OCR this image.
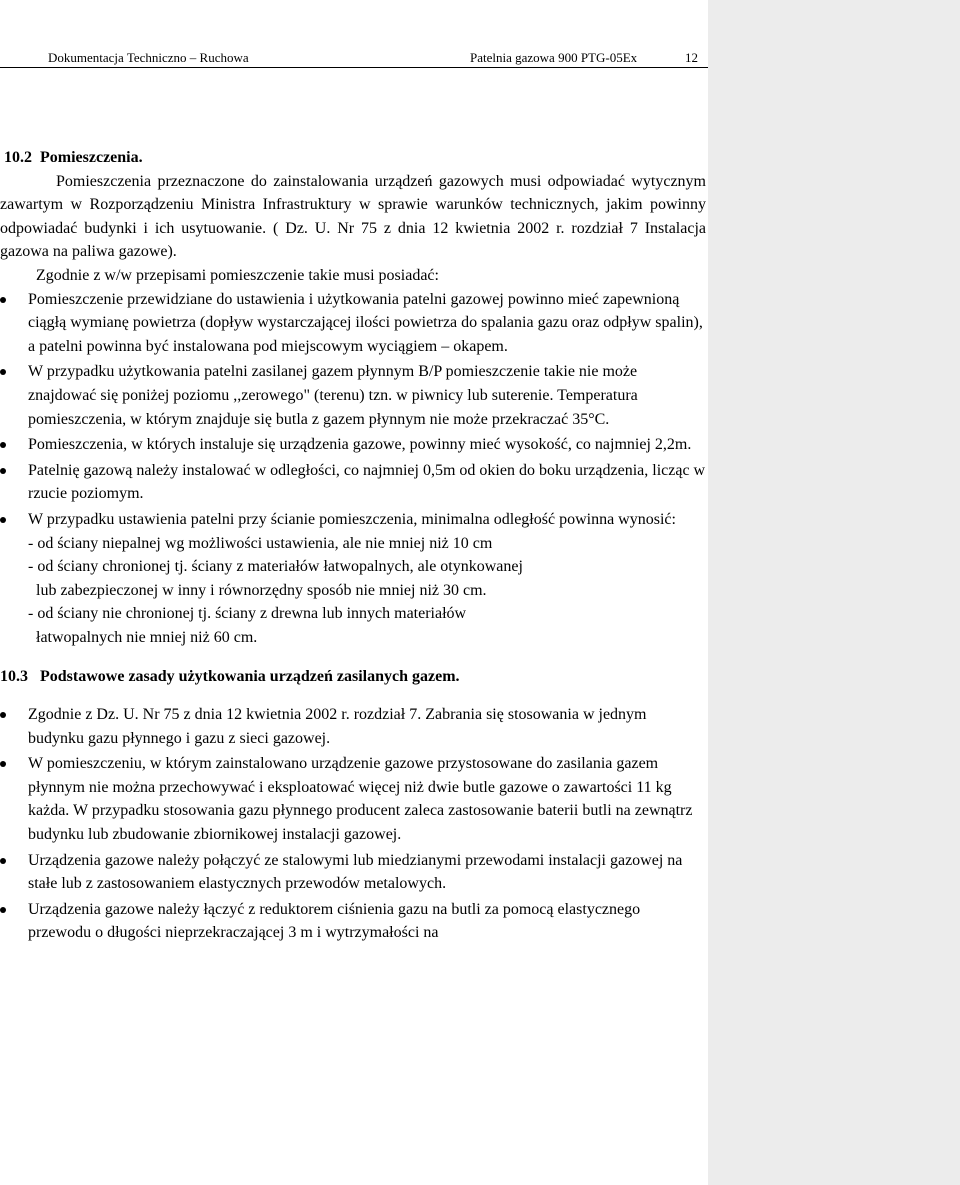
Dokumentacja Techniczno – Ruchowa	Patelnia gazowa 900 PTG-05Ex	12

10.2 Pomieszczenia.

Pomieszczenia przeznaczone do zainstalowania urządzeń gazowych musi odpowiadać wytycznym zawartym w Rozporządzeniu Ministra Infrastruktury w sprawie warunków technicznych, jakim powinny odpowiadać budynki i ich usytuowanie. ( Dz. U. Nr 75 z dnia 12 kwietnia 2002 r. rozdział 7 Instalacja gazowa na paliwa gazowe).

Zgodnie z w/w przepisami pomieszczenie takie musi posiadać:

Pomieszczenie przewidziane do ustawienia i użytkowania patelni gazowej powinno mieć zapewnioną ciągłą wymianę powietrza (dopływ wystarczającej ilości powietrza do spalania gazu oraz odpływ spalin), a patelni powinna być instalowana pod miejscowym wyciągiem – okapem.
W przypadku użytkowania patelni zasilanej gazem płynnym B/P pomieszczenie takie nie może znajdować się poniżej poziomu ,,zerowego" (terenu) tzn. w piwnicy lub suterenie. Temperatura pomieszczenia, w którym znajduje się butla z gazem płynnym nie może przekraczać 35°C.
Pomieszczenia, w których instaluje się urządzenia gazowe, powinny mieć wysokość, co najmniej 2,2m.
Patelnię gazową należy instalować w odległości, co najmniej 0,5m od okien do boku urządzenia, licząc w rzucie poziomym.
W przypadku ustawienia patelni przy ścianie pomieszczenia, minimalna odległość powinna wynosić:

- od ściany niepalnej wg możliwości ustawienia, ale nie mniej niż 10 cm

- od ściany chronionej tj. ściany z materiałów łatwopalnych, ale otynkowanej

lub zabezpieczonej w inny i równorzędny sposób nie mniej niż 30 cm.

- od ściany nie chronionej tj. ściany z drewna lub innych materiałów

łatwopalnych nie mniej niż 60 cm.

10.3 Podstawowe zasady użytkowania urządzeń zasilanych gazem.

Zgodnie z Dz. U. Nr 75 z dnia 12 kwietnia 2002 r. rozdział 7. Zabrania się stosowania w jednym budynku gazu płynnego i gazu z sieci gazowej.
W pomieszczeniu, w którym zainstalowano urządzenie gazowe przystosowane do zasilania gazem płynnym nie można przechowywać i eksploatować więcej niż dwie butle gazowe o zawartości 11 kg każda. W przypadku stosowania gazu płynnego producent zaleca zastosowanie baterii butli na zewnątrz budynku lub zbudowanie zbiornikowej instalacji gazowej.
Urządzenia gazowe należy połączyć ze stalowymi lub miedzianymi przewodami instalacji gazowej na stałe lub z zastosowaniem elastycznych przewodów metalowych.
Urządzenia gazowe należy łączyć z reduktorem ciśnienia gazu na butli za pomocą elastycznego przewodu o długości nieprzekraczającej 3 m i wytrzymałości na
